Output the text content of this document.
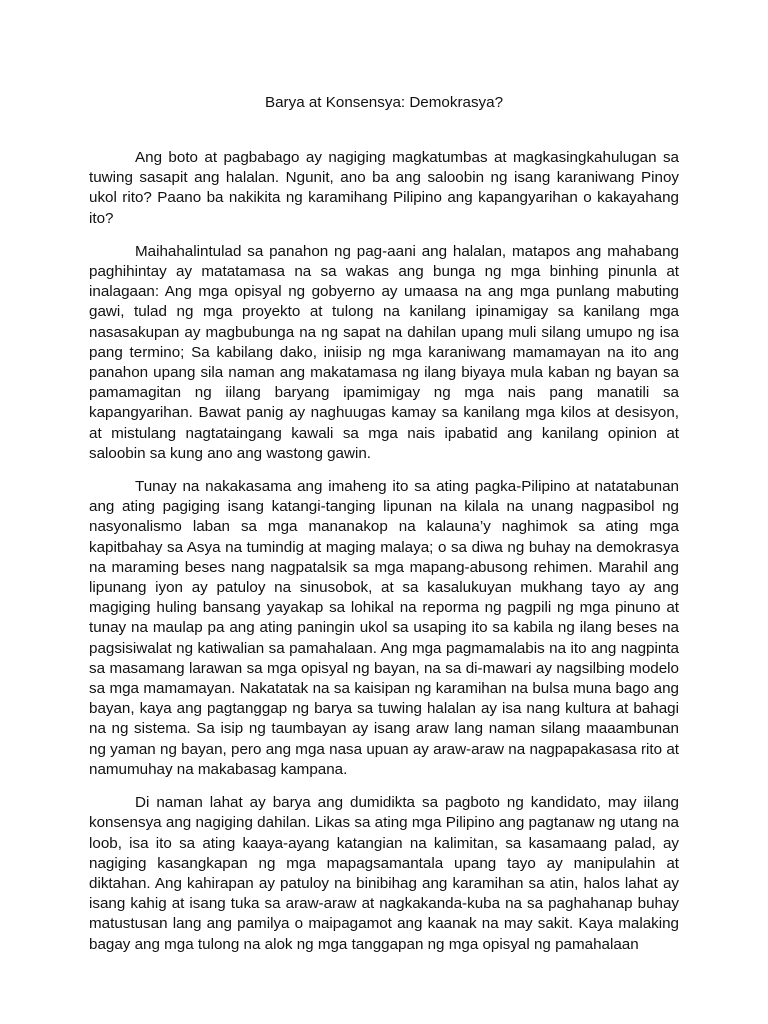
Barya at Konsensya: Demokrasya?

Ang boto at pagbabago ay nagiging magkatumbas at magkasingkahulugan sa tuwing sasapit ang halalan. Ngunit, ano ba ang saloobin ng isang karaniwang Pinoy ukol rito? Paano ba nakikita ng karamihang Pilipino ang kapangyarihan o kakayahang ito?

Maihahalintulad sa panahon ng pag-aani ang halalan, matapos ang mahabang paghihintay ay matatamasa na sa wakas ang bunga ng mga binhing pinunla at inalagaan: Ang mga opisyal ng gobyerno ay umaasa na ang mga punlang mabuting gawi, tulad ng mga proyekto at tulong na kanilang ipinamigay sa kanilang mga nasasakupan ay magbubunga na ng sapat na dahilan upang muli silang umupo ng isa pang termino; Sa kabilang dako, iniisip ng mga karaniwang mamamayan na ito ang panahon upang sila naman ang makatamasa ng ilang biyaya mula kaban ng bayan sa pamamagitan ng iilang baryang ipamimigay ng mga nais pang manatili sa kapangyarihan. Bawat panig ay naghuugas kamay sa kanilang mga kilos at desisyon, at mistulang nagtataingang kawali sa mga nais ipabatid ang kanilang opinion at saloobin sa kung ano ang wastong gawin.

Tunay na nakakasama ang imaheng ito sa ating pagka-Pilipino at natatabunan ang ating pagiging isang katangi-tanging lipunan na kilala na unang nagpasibol ng nasyonalismo laban sa mga mananakop na kalauna’y naghimok sa ating mga kapitbahay sa Asya na tumindig at maging malaya; o sa diwa ng buhay na demokrasya na maraming beses nang nagpatalsik sa mga mapang-abusong rehimen. Marahil ang lipunang iyon ay patuloy na sinusobok, at sa kasalukuyan mukhang tayo ay ang magiging huling bansang yayakap sa lohikal na reporma ng pagpili ng mga pinuno at tunay na maulap pa ang ating paningin ukol sa usaping ito sa kabila ng ilang beses na pagsisiwalat ng katiwalian sa pamahalaan. Ang mga pagmamalabis na ito ang nagpinta sa masamang larawan sa mga opisyal ng bayan, na sa di-mawari ay nagsilbing modelo sa mga mamamayan. Nakatatak na sa kaisipan ng karamihan na bulsa muna bago ang bayan, kaya ang pagtanggap ng barya sa tuwing halalan ay isa nang kultura at bahagi na ng sistema. Sa isip ng taumbayan ay isang araw lang naman silang maaambunan ng yaman ng bayan, pero ang mga nasa upuan ay araw-araw na nagpapakasasa rito at namumuhay na makabasag kampana.

Di naman lahat ay barya ang dumidikta sa pagboto ng kandidato, may iilang konsensya ang nagiging dahilan. Likas sa ating mga Pilipino ang pagtanaw ng utang na loob, isa ito sa ating kaaya-ayang katangian na kalimitan, sa kasamaang palad, ay nagiging kasangkapan ng mga mapagsamantala upang tayo ay manipulahin at diktahan. Ang kahirapan ay patuloy na binibihag ang karamihan sa atin, halos lahat ay isang kahig at isang tuka sa araw-araw at nagkakanda-kuba na sa paghahanap buhay matustusan lang ang pamilya o maipagamot ang kaanak na may sakit. Kaya malaking bagay ang mga tulong na alok ng mga tanggapan ng mga opisyal ng pamahalaan
